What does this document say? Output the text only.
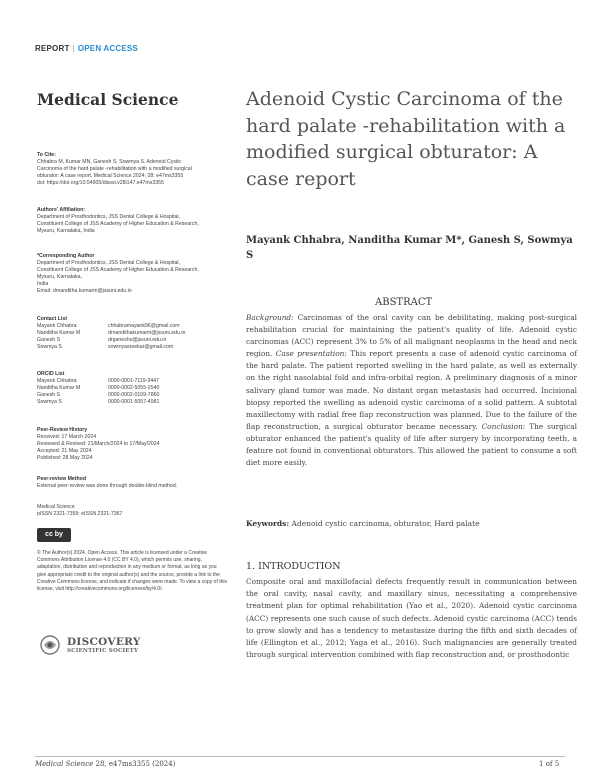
REPORT | OPEN ACCESS
Medical Science	Adenoid Cystic Carcinoma of the hard palate -rehabilitation with a modified surgical obturator: A case report
Mayank Chhabra, Nanditha Kumar M*, Ganesh S, Sowmya S
To Cite:
Chhabra M, Kumar MN, Ganesh S, Sowmya S. Adenoid Cystic
Carcinoma of the hard palate -rehabilitation with a modified surgical
obturator: A case report. Medical Science 2024; 28: e47ms3355
doi: https://doi.org/10.54905/disssi.v28i147.e47ms3355
Authors' Affiliation:
Department of Prosthodontics, JSS Dental College & Hospital,
Constituent College of JSS Academy of Higher Education & Research,
Mysuru, Karnataka, India
*Corresponding Author
Department of Prosthodontics, JSS Dental College & Hospital,
Constituent College of JSS Academy of Higher Education & Research,
Mysuru, Karnataka,
India
Email: drnanditha kumarm@jssuni.edu.in
Contact List
Mayank Chhabra	chhabramayank96@gmail.com
Nanditha Kumar M	drnandithakumarm@jssuni.edu.in
Ganesh S	drganeshs@jssuni.edu.in
Sowmya S	sowmyasreekar@gmail.com
ORCID List
Mayank Chhabra	0000-0001-7119-3447
Nanditha Kumar M	0000-0002-5055-2540
Ganesh S	0000-0002-0109-7860
Sowmya S	0000-0001-5057-4981
Peer-Review History
Received: 17 March 2024
Reviewed & Revised: 21/March/2024 to 17/May/2024
Accepted: 21 May 2024
Published: 28 May 2024
Peer-review Method
External peer-review was done through double-blind method.
Medical Science
pISSN 2321-7359; eISSN 2321-7367
cc by
© The Author(s) 2024. Open Access. This article is licensed under a Creative Commons Attribution License 4.0 (CC BY 4.0), which permits use, sharing, adaptation, distribution and reproduction in any medium or format, as long as you give appropriate credit to the original author(s) and the source, provide a link to the Creative Commons license, and indicate if changes were made. To view a copy of this license, visit http://creativecommons.org/licenses/by/4.0/.
DISCOVERY
SCIENTIFIC SOCIETY
ABSTRACT
Background: Carcinomas of the oral cavity can be debilitating, making post-surgical rehabilitation crucial for maintaining the patient's quality of life. Adenoid cystic carcinomas (ACC) represent 3% to 5% of all malignant neoplasms in the head and neck region. Case presentation: This report presents a case of adenoid cystic carcinoma of the hard palate. The patient reported swelling in the hard palate, as well as externally on the right nasolabial fold and infra-orbital region. A preliminary diagnosis of a minor salivary gland tumor was made. No distant organ metastasis had occurred. Incisional biopsy reported the swelling as adenoid cystic carcinoma of a solid pattern. A subtotal maxillectomy with radial free flap reconstruction was planned. Due to the failure of the flap reconstruction, a surgical obturator became necessary. Conclusion: The surgical obturator enhanced the patient's quality of life after surgery by incorporating teeth, a feature not found in conventional obturators. This allowed the patient to consume a soft diet more easily.
Keywords: Adenoid cystic carcinoma, obturator, Hard palate
1. INTRODUCTION
Composite oral and maxillofacial defects frequently result in communication between the oral cavity, nasal cavity, and maxillary sinus, necessitating a comprehensive treatment plan for optimal rehabilitation (Yao et al., 2020). Adenoid cystic carcinoma (ACC) represents one such cause of such defects. Adenoid cystic carcinoma (ACC) tends to grow slowly and has a tendency to metastasize during the fifth and sixth decades of life (Ellington et al., 2012; Yaga et al., 2016). Such malignancies are generally treated through surgical intervention combined with flap reconstruction and, or prosthodontic
Medical Science 28, e47ms3355 (2024)	1 of 5
